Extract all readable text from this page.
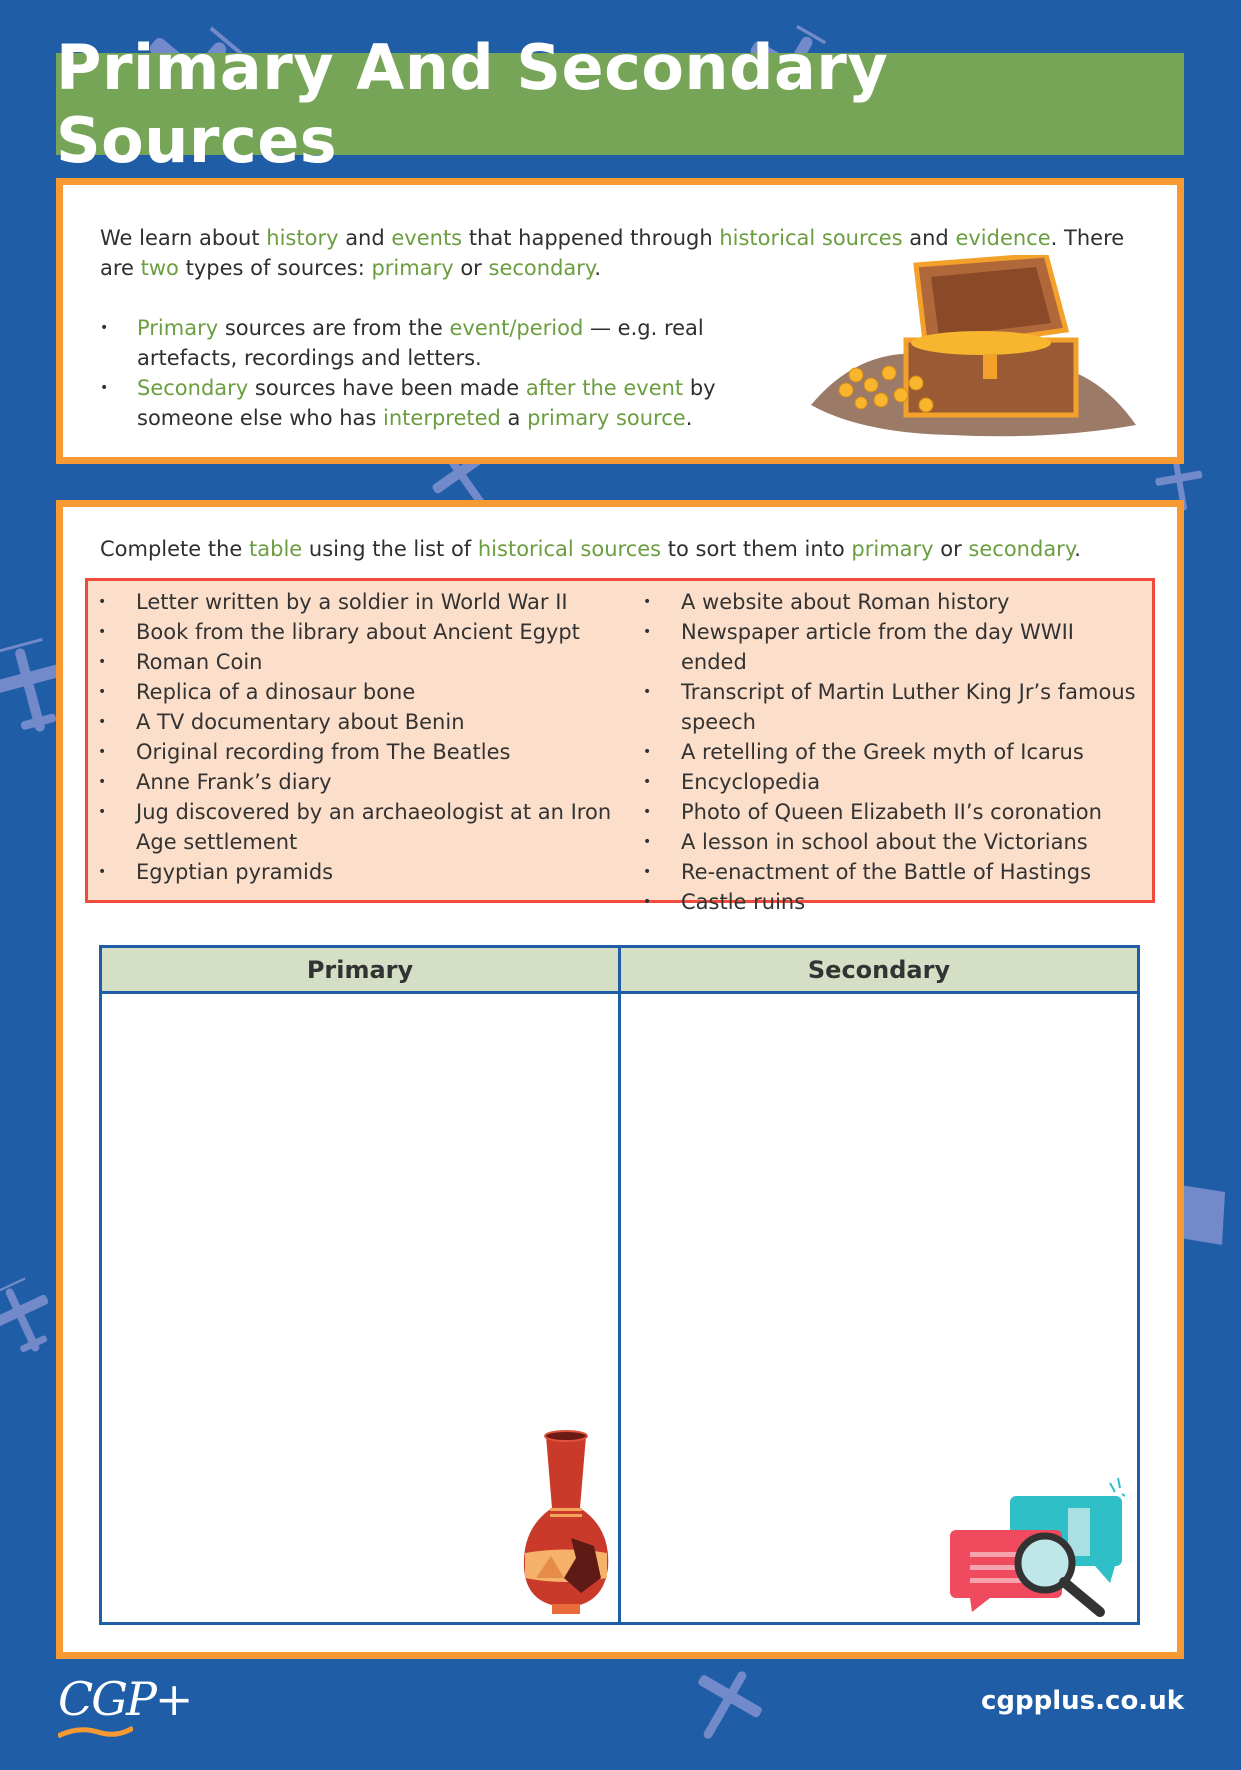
Primary And Secondary Sources
We learn about history and events that happened through historical sources and evidence. There are two types of sources: primary or secondary.
• Primary sources are from the event/period — e.g. real artefacts, recordings and letters.
• Secondary sources have been made after the event by someone else who has interpreted a primary source.
Complete the table using the list of historical sources to sort them into primary or secondary.
• Letter written by a soldier in World War II
• Book from the library about Ancient Egypt
• Roman Coin
• Replica of a dinosaur bone
• A TV documentary about Benin
• Original recording from The Beatles
• Anne Frank’s diary
• Jug discovered by an archaeologist at an Iron Age settlement
• Egyptian pyramids
• A website about Roman history
• Newspaper article from the day WWII ended
• Transcript of Martin Luther King Jr’s famous speech
• A retelling of the Greek myth of Icarus
• Encyclopedia
• Photo of Queen Elizabeth II’s coronation
• A lesson in school about the Victorians
• Re-enactment of the Battle of Hastings
• Castle ruins
Primary	Secondary
CGP+	cgpplus.co.uk
